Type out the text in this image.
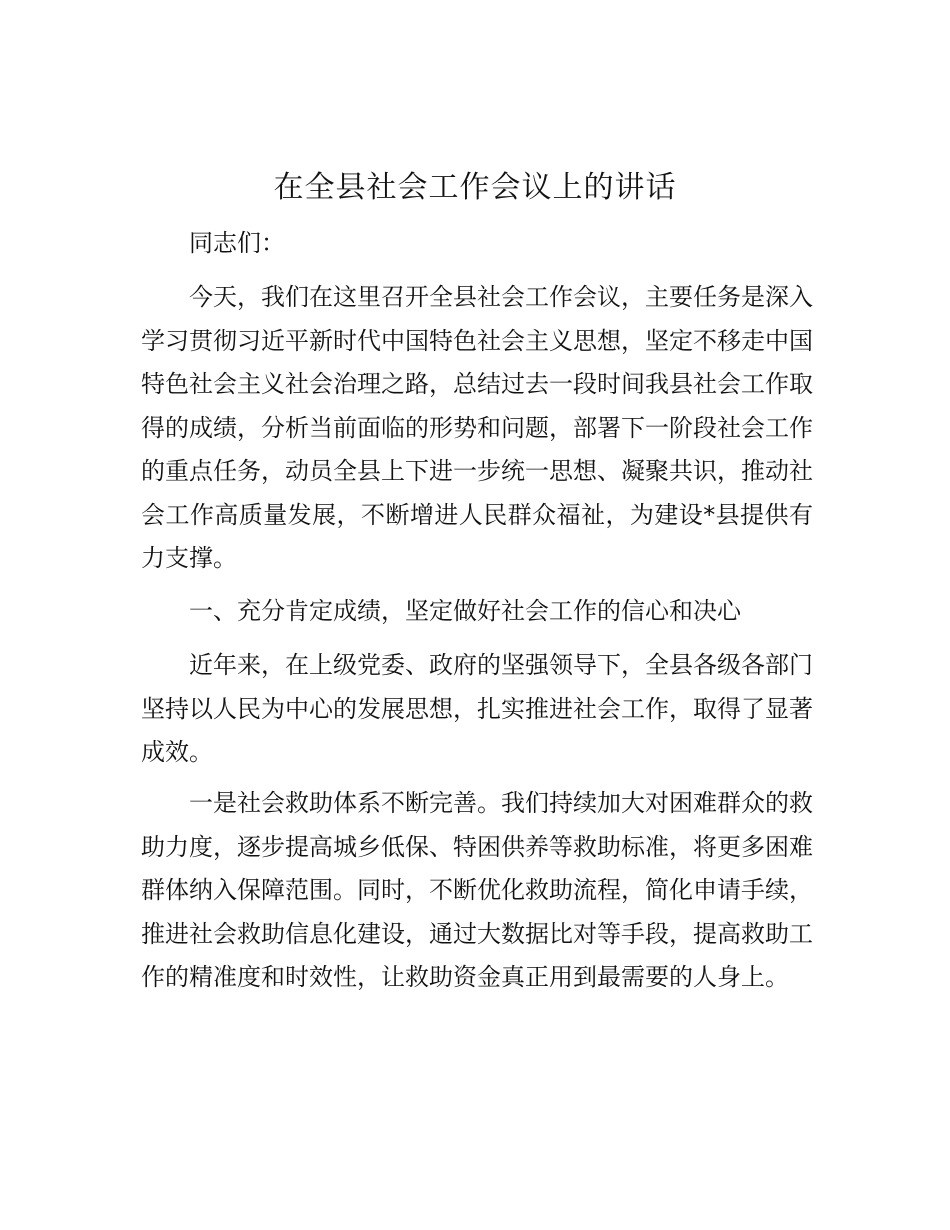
在全县社会工作会议上的讲话

同志们：

今天，我们在这里召开全县社会工作会议，主要任务是深入学习贯彻习近平新时代中国特色社会主义思想，坚定不移走中国特色社会主义社会治理之路，总结过去一段时间我县社会工作取得的成绩，分析当前面临的形势和问题，部署下一阶段社会工作的重点任务，动员全县上下进一步统一思想、凝聚共识，推动社会工作高质量发展，不断增进人民群众福祉，为建设*县提供有力支撑。

一、充分肯定成绩，坚定做好社会工作的信心和决心

近年来，在上级党委、政府的坚强领导下，全县各级各部门坚持以人民为中心的发展思想，扎实推进社会工作，取得了显著成效。

一是社会救助体系不断完善。我们持续加大对困难群众的救助力度，逐步提高城乡低保、特困供养等救助标准，将更多困难群体纳入保障范围。同时，不断优化救助流程，简化申请手续，推进社会救助信息化建设，通过大数据比对等手段，提高救助工作的精准度和时效性，让救助资金真正用到最需要的人身上。
